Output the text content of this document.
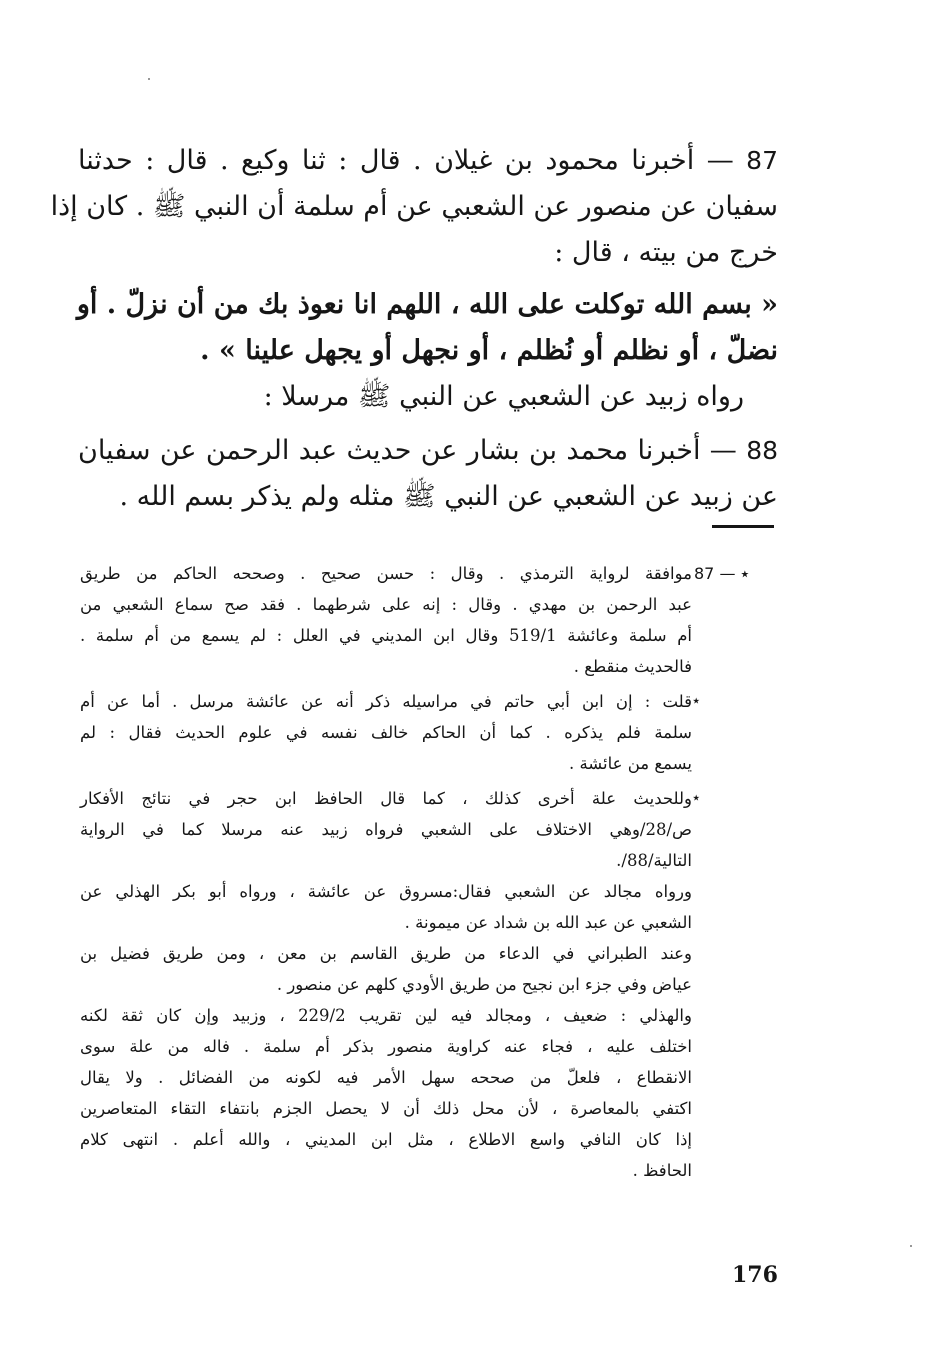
87 — أخبرنا محمود بن غيلان . قال : ثنا وكيع . قال : حدثنا
سفيان عن منصور عن الشعبي عن أم سلمة أن النبي ﷺ . كان إذا
خرج من بيته ، قال :

« بسم الله توكلت على الله ، اللهم انا نعوذ بك من أن نزلّ . أو
نضلّ ، أو نظلم أو نُظلم ، أو نجهل أو يجهل علينا » .

رواه زبيد عن الشعبي عن النبي ﷺ مرسلا :

88 — أخبرنا محمد بن بشار عن حديث عبد الرحمن عن سفيان
عن زبيد عن الشعبي عن النبي ﷺ مثله ولم يذكر بسم الله .

87 — ٭
موافقة لرواية الترمذي . وقال : حسن صحيح . وصححه الحاكم من طريق
عبد الرحمن بن مهدي . وقال : إنه على شرطهما . فقد صح سماع الشعبي من
أم سلمة وعائشة 519/1 وقال ابن المديني في العلل : لم يسمع من أم سلمة .
فالحديث منقطع .
٭
قلت : إن ابن أبي حاتم في مراسيله ذكر أنه عن عائشة مرسل . أما عن أم
سلمة فلم يذكره . كما أن الحاكم خالف نفسه في علوم الحديث فقال : لم
يسمع من عائشة .
٭
وللحديث علة أخرى كذلك ، كما قال الحافظ ابن حجر في نتائج الأفكار
ص/28/وهي الاختلاف على الشعبي فرواه زبيد عنه مرسلا كما في الرواية
التالية/88/.
ورواه مجالد عن الشعبي فقال:مسروق عن عائشة ، ورواه أبو بكر الهذلي عن
الشعبي عن عبد الله بن شداد عن ميمونة .
وعند الطبراني في الدعاء من طريق القاسم بن معن ، ومن طريق فضيل بن
عياض وفي جزء ابن نجيح من طريق الأودي كلهم عن منصور .
والهذلي : ضعيف ، ومجالد فيه لين تقريب 229/2 ، وزبيد وإن كان ثقة لكنه
اختلف عليه ، فجاء عنه كراوية منصور بذكر أم سلمة . فاله من علة سوى
الانقطاع ، فلعلّ من صححه سهل الأمر فيه لكونه من الفضائل . ولا يقال
اكتفي بالمعاصرة ، لأن محل ذلك أن لا يحصل الجزم بانتفاء التقاء المتعاصرين
إذا كان النافي واسع الاطلاع ، مثل ابن المديني ، والله أعلم . انتهى كلام
الحافظ .
176
